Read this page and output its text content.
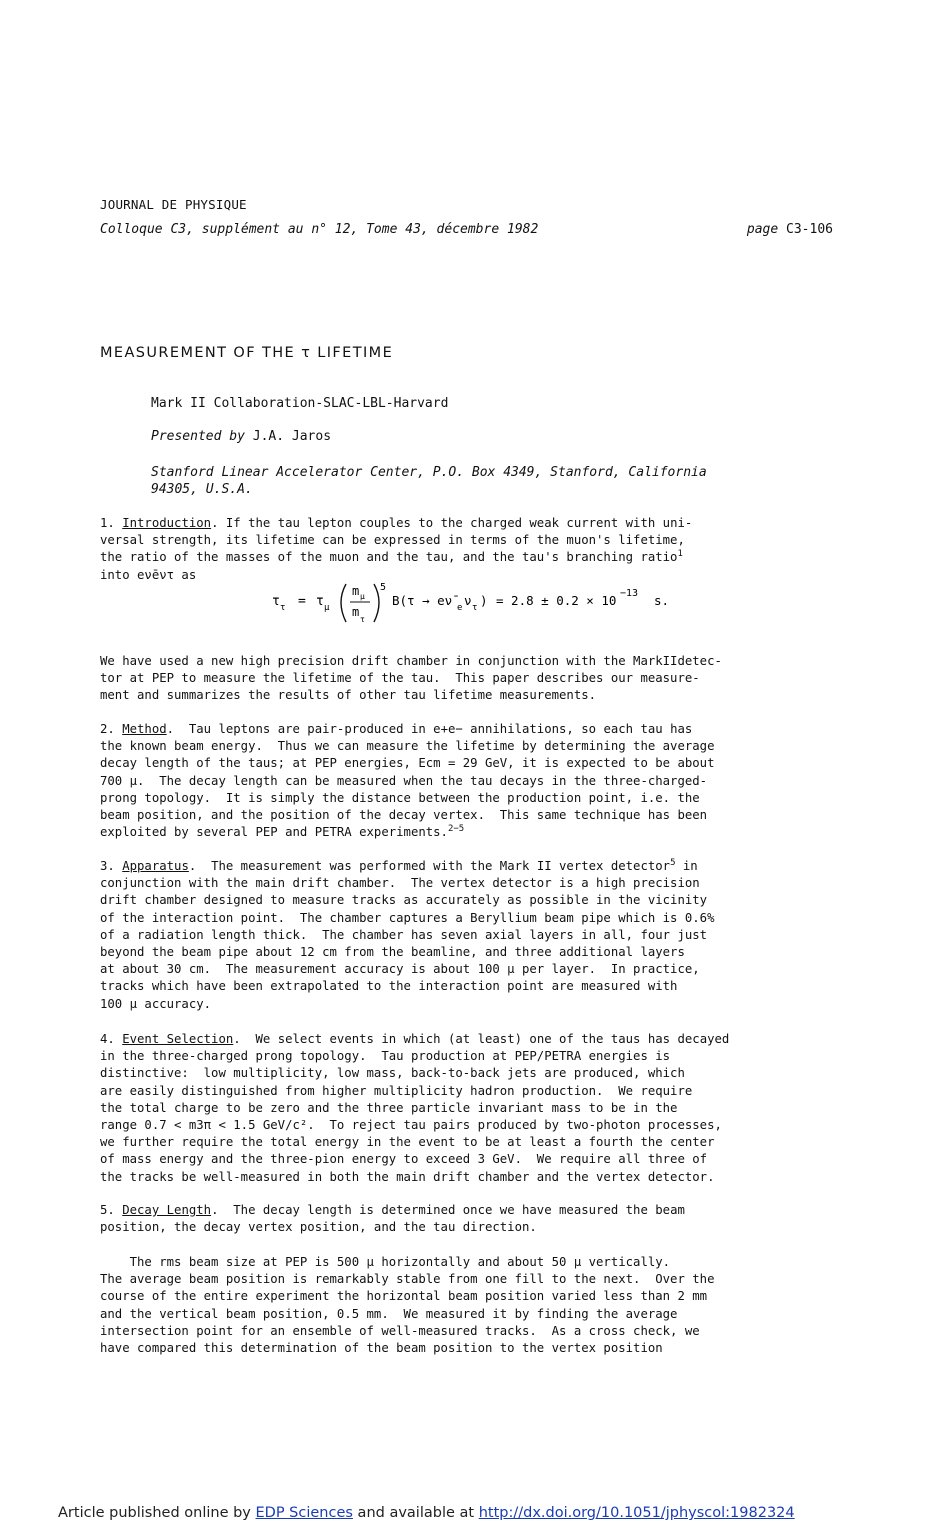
JOURNAL DE PHYSIQUE
Colloque C3, supplément au n° 12, Tome 43, décembre 1982	page C3-106
MEASUREMENT OF THE τ LIFETIME
Mark II Collaboration-SLAC-LBL-Harvard
Presented by J.A. Jaros
Stanford Linear Accelerator Center, P.O. Box 4349, Stanford, California
94305, U.S.A.
1. Introduction. If the tau lepton couples to the charged weak current with uni-
versal strength, its lifetime can be expressed in terms of the muon's lifetime,
the ratio of the masses of the muon and the tau, and the tau's branching ratio$^1$
into eν̄eντ as
τ τ = τ μ
m μ
m
τ
5
B(τ → eν̄ e ν τ ) = 2.8 ± 0.2 × 10 −13 s.
We have used a new high precision drift chamber in conjunction with the MarkIIdetec-
tor at PEP to measure the lifetime of the tau.  This paper describes our measure-
ment and summarizes the results of other tau lifetime measurements.
2. Method.  Tau leptons are pair-produced in e+e− annihilations, so each tau has
the known beam energy.  Thus we can measure the lifetime by determining the average
decay length of the taus; at PEP energies, Ecm = 29 GeV, it is expected to be about
700 μ.  The decay length can be measured when the tau decays in the three-charged-
prong topology.  It is simply the distance between the production point, i.e. the
beam position, and the position of the decay vertex.  This same technique has been
exploited by several PEP and PETRA experiments.$^{2-5}$
3. Apparatus.  The measurement was performed with the Mark II vertex detector$^5$ in
conjunction with the main drift chamber.  The vertex detector is a high precision
drift chamber designed to measure tracks as accurately as possible in the vicinity
of the interaction point.  The chamber captures a Beryllium beam pipe which is 0.6%
of a radiation length thick.  The chamber has seven axial layers in all, four just
beyond the beam pipe about 12 cm from the beamline, and three additional layers
at about 30 cm.  The measurement accuracy is about 100 μ per layer.  In practice,
tracks which have been extrapolated to the interaction point are measured with
100 μ accuracy.
4. Event Selection.  We select events in which (at least) one of the taus has decayed
in the three-charged prong topology.  Tau production at PEP/PETRA energies is
distinctive:  low multiplicity, low mass, back-to-back jets are produced, which
are easily distinguished from higher multiplicity hadron production.  We require
the total charge to be zero and the three particle invariant mass to be in the
range 0.7 < m3π < 1.5 GeV/c².  To reject tau pairs produced by two-photon processes,
we further require the total energy in the event to be at least a fourth the center
of mass energy and the three-pion energy to exceed 3 GeV.  We require all three of
the tracks be well-measured in both the main drift chamber and the vertex detector.
5. Decay Length.  The decay length is determined once we have measured the beam
position, the decay vertex position, and the tau direction.
The rms beam size at PEP is 500 μ horizontally and about 50 μ vertically.
The average beam position is remarkably stable from one fill to the next.  Over the
course of the entire experiment the horizontal beam position varied less than 2 mm
and the vertical beam position, 0.5 mm.  We measured it by finding the average
intersection point for an ensemble of well-measured tracks.  As a cross check, we
have compared this determination of the beam position to the vertex position
Article published online by EDP Sciences and available at http://dx.doi.org/10.1051/jphyscol:1982324
